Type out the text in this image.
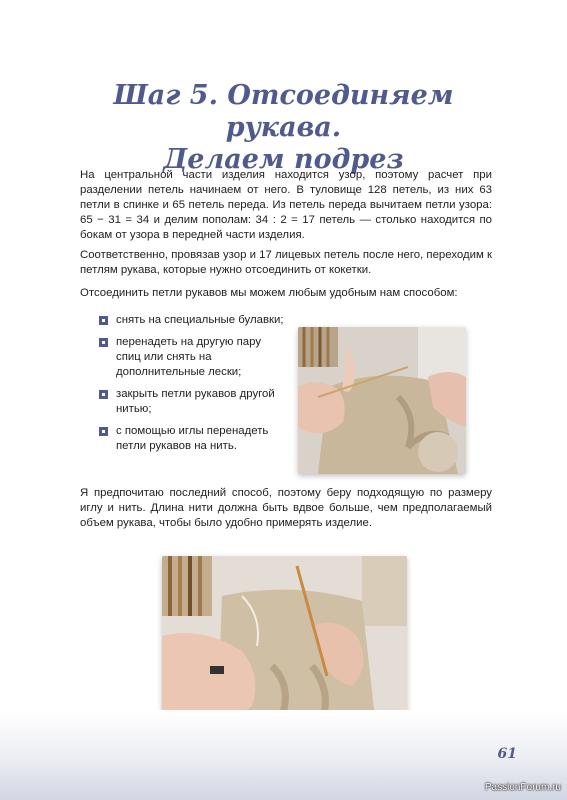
Шаг 5. Отсоединяем рукава.
Делаем подрез

На центральной части изделия находится узор, поэтому расчет при разделении петель начинаем от него. В туловище 128 петель, из них 63 петли в спинке и 65 петель переда. Из петель переда вычитаем петли узора: 65 − 31 = 34 и делим пополам: 34 : 2 = 17 петель — столько находится по бокам от узора в передней части изделия.

Соответственно, провязав узор и 17 лицевых петель после него, переходим к петлям рукава, которые нужно отсоединить от кокетки.

Отсоединить петли рукавов мы можем любым удобным нам способом:

снять на специальные булавки;
перенадеть на другую пару спиц или снять на дополнительные лески;
закрыть петли рукавов другой нитью;
с помощью иглы перенадеть петли рукавов на нить.

Я предпочитаю последний способ, поэтому беру подходящую по размеру иглу и нить. Длина нити должна быть вдвое больше, чем предполагаемый объем рукава, чтобы было удобно примерять изделие.

61
PassionForum.ru
